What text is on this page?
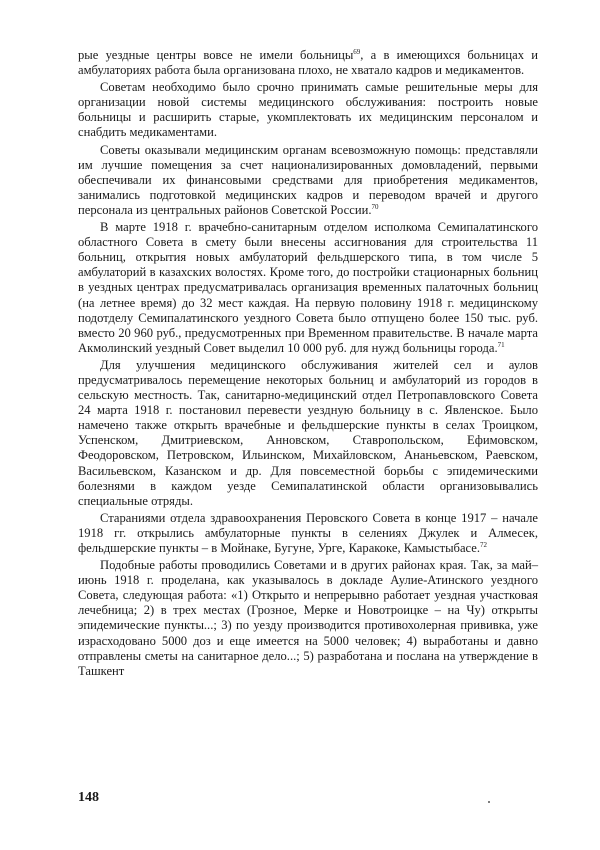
рые уездные центры вовсе не имели больницы$^{69}$, а в имеющихся больницах и амбулаториях работа была организована плохо, не хватало кадров и медикаментов.

Советам необходимо было срочно принимать самые решительные меры для организации новой системы медицинского обслуживания: построить новые больницы и расширить старые, укомплектовать их медицинским персоналом и снабдить медикаментами.

Советы оказывали медицинским органам всевозможную помощь: представляли им лучшие помещения за счет национализированных домовладений, первыми обеспечивали их финансовыми средствами для приобретения медикаментов, занимались подготовкой медицинских кадров и переводом врачей и другого персонала из центральных районов Советской России.$^{70}$

В марте 1918 г. врачебно-санитарным отделом исполкома Семипалатинского областного Совета в смету были внесены ассигнования для строительства 11 больниц, открытия новых амбулаторий фельдшерского типа, в том числе 5 амбулаторий в казахских волостях. Кроме того, до постройки стационарных больниц в уездных центрах предусматривалась организация временных палаточных больниц (на летнее время) до 32 мест каждая. На первую половину 1918 г. медицинскому подотделу Семипалатинского уездного Совета было отпущено более 150 тыс. руб. вместо 20 960 руб., предусмотренных при Временном правительстве. В начале марта Акмолинский уездный Совет выделил 10 000 руб. для нужд больницы города.$^{71}$

Для улучшения медицинского обслуживания жителей сел и аулов предусматривалось перемещение некоторых больниц и амбулаторий из городов в сельскую местность. Так, санитарно-медицинский отдел Петропавловского Совета 24 марта 1918 г. постановил перевести уездную больницу в с. Явленское. Было намечено также открыть врачебные и фельдшерские пункты в селах Троицком, Успенском, Дмитриевском, Анновском, Ставропольском, Ефимовском, Феодоровском, Петровском, Ильинском, Михайловском, Ананьевском, Раевском, Васильевском, Казанском и др. Для повсеместной борьбы с эпидемическими болезнями в каждом уезде Семипалатинской области организовывались специальные отряды.

Стараниями отдела здравоохранения Перовского Совета в конце 1917 – начале 1918 гг. открылись амбулаторные пункты в селениях Джулек и Алмесек, фельдшерские пункты – в Мойнаке, Бугуне, Урге, Каракоке, Камыстыбасе.$^{72}$

Подобные работы проводились Советами и в других районах края. Так, за май–июнь 1918 г. проделана, как указывалось в докладе Аулие-Атинского уездного Совета, следующая работа: «1) Открыто и непрерывно работает уездная участковая лечебница; 2) в трех местах (Грозное, Мерке и Новотроицке – на Чу) открыты эпидемические пункты...; 3) по уезду производится противохолерная прививка, уже израсходовано 5000 доз и еще имеется на 5000 человек; 4) выработаны и давно отправлены сметы на санитарное дело...; 5) разработана и послана на утверждение в Ташкент

148
